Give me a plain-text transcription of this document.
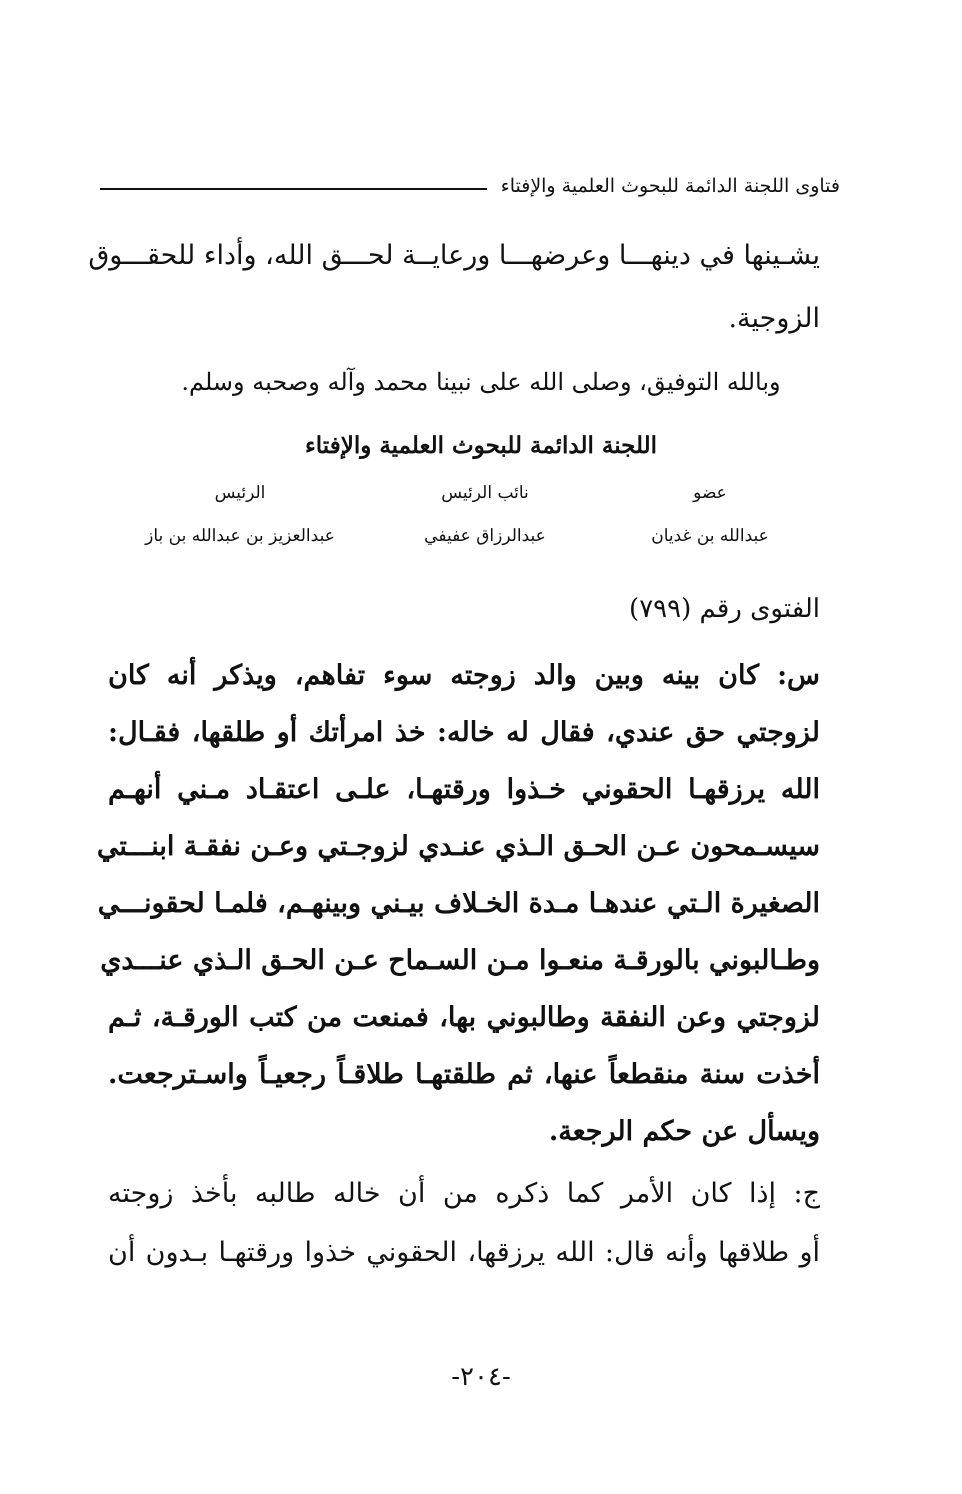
فتاوى اللجنة الدائمة للبحوث العلمية والإفتاء
يشـينها في دينهـــا وعرضهـــا ورعايــة لحـــق الله، وأداء للحقـــوق
الزوجية.
وبالله التوفيق، وصلى الله على نبينا محمد وآله وصحبه وسلم.
اللجنة الدائمة للبحوث العلمية والإفتاء
عضو
نائب الرئيس
الرئيس
عبدالله بن غديان
عبدالرزاق عفيفي
عبدالعزيز بن عبدالله بن باز
الفتوى رقم (٧٩٩)
س: كان بينه وبين والد زوجته سوء تفاهم، ويذكر أنه كان
لزوجتي حق عندي، فقال له خاله: خذ امرأتك أو طلقها، فقـال:
الله يرزقهـا الحقوني خـذوا ورقتهـا، علـى اعتقـاد مـني أنهـم
سيسـمحون عـن الحـق الـذي عنـدي لزوجـتي وعـن نفقـة ابنـــتي
الصغيرة الـتي عندهـا مـدة الخـلاف بيـني وبينهـم، فلمـا لحقونـــي
وطـالبوني بالورقـة منعـوا مـن السـماح عـن الحـق الـذي عنـــدي
لزوجتي وعن النفقة وطالبوني بها، فمنعت من كتب الورقـة، ثـم
أخذت سنة منقطعاً عنها، ثم طلقتهـا طلاقـاً رجعيـاً واسـترجعت.
ويسأل عن حكم الرجعة.
ج: إذا كان الأمر كما ذكره من أن خاله طالبه بأخذ زوجته
أو طلاقها وأنه قال: الله يرزقها، الحقوني خذوا ورقتهـا بـدون أن
-٢٠٤-
